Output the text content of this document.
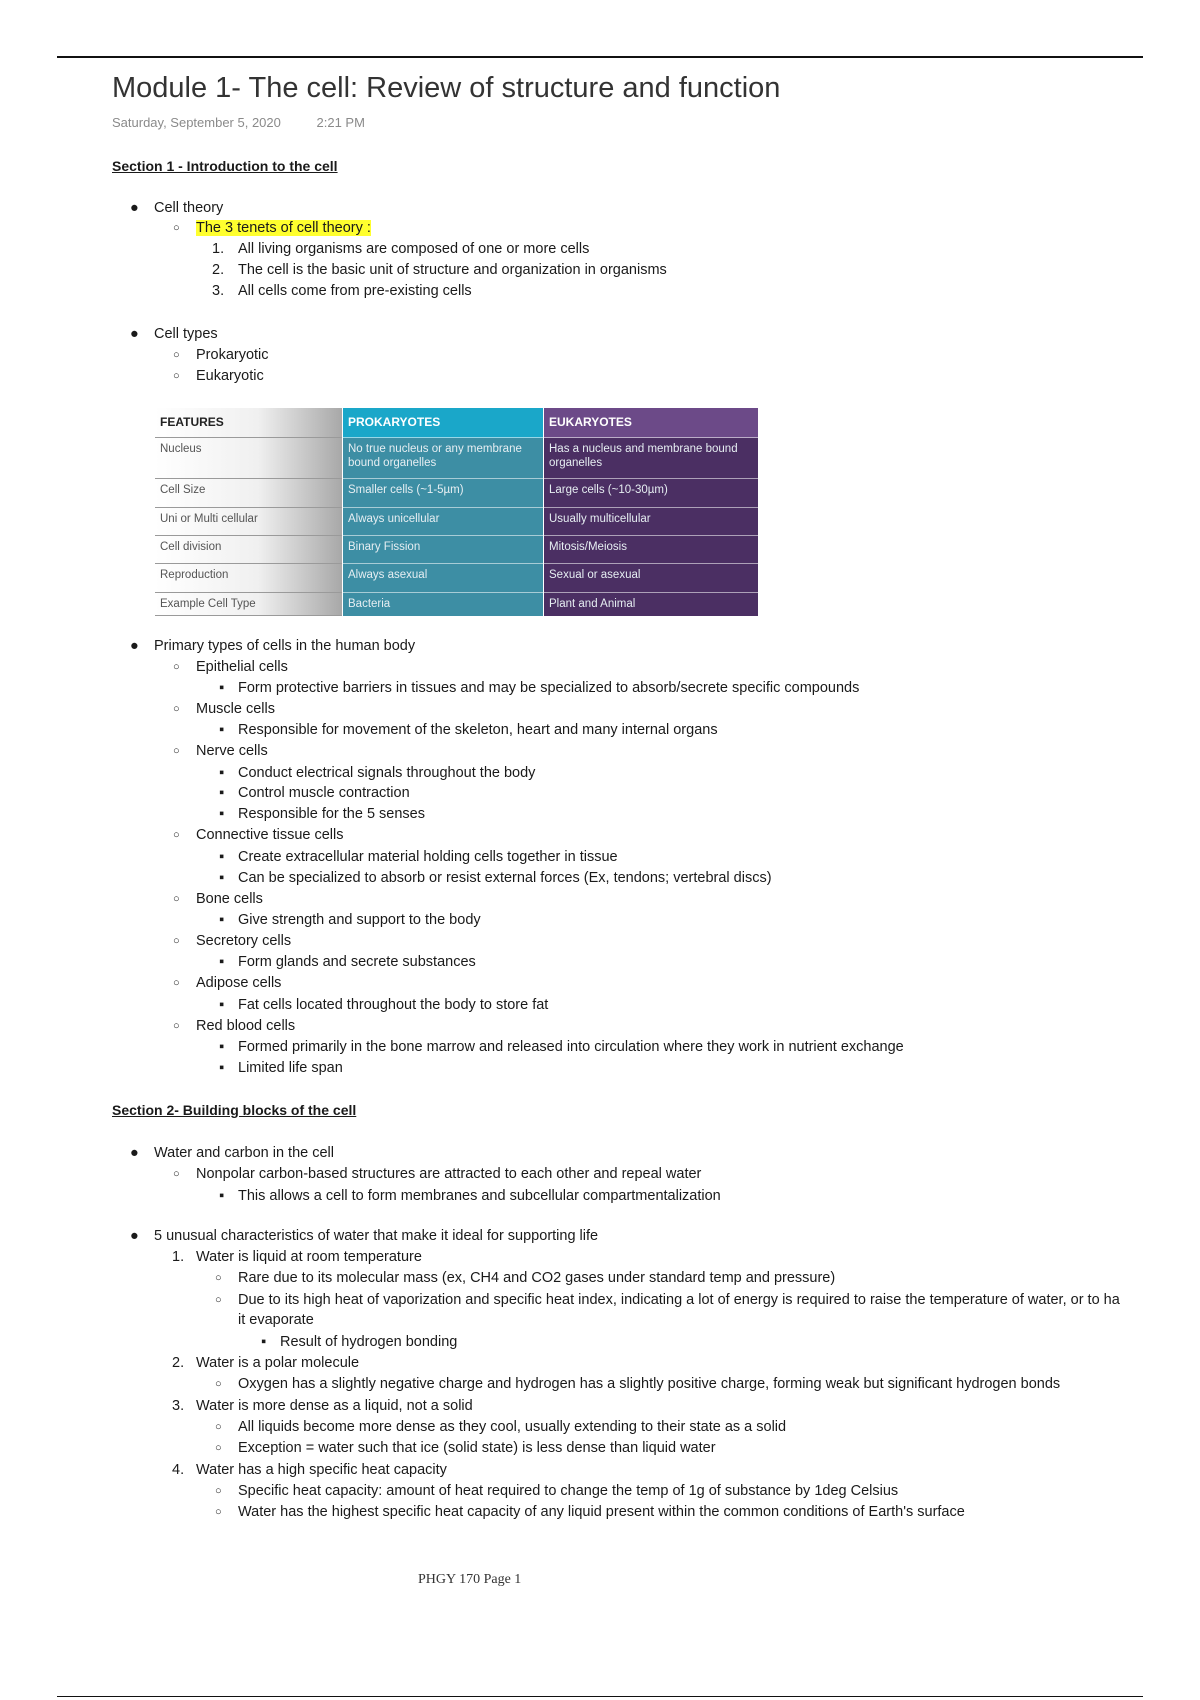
Module 1- The cell: Review of structure and function
Saturday, September 5, 2020	2:21 PM
Section 1 - Introduction to the cell
● Cell theory
○ The 3 tenets of cell theory :
1. All living organisms are composed of one or more cells
2. The cell is the basic unit of structure and organization in organisms
3. All cells come from pre-existing cells
● Cell types
○ Prokaryotic
○ Eukaryotic
FEATURES
Nucleus
Cell Size
Uni or Multi cellular
Cell division
Reproduction
Example Cell Type
PROKARYOTES
No true nucleus or any membrane bound organelles
Smaller cells (~1-5µm)
Always unicellular
Binary Fission
Always asexual
Bacteria
EUKARYOTES
Has a nucleus and membrane bound organelles
Large cells (~10-30µm)
Usually multicellular
Mitosis/Meiosis
Sexual or asexual
Plant and Animal
● Primary types of cells in the human body
○ Epithelial cells
▪ Form protective barriers in tissues and may be specialized to absorb/secrete specific compounds
○ Muscle cells
▪ Responsible for movement of the skeleton, heart and many internal organs
○ Nerve cells
▪ Conduct electrical signals throughout the body
▪ Control muscle contraction
▪ Responsible for the 5 senses
○ Connective tissue cells
▪ Create extracellular material holding cells together in tissue
▪ Can be specialized to absorb or resist external forces (Ex, tendons; vertebral discs)
○ Bone cells
▪ Give strength and support to the body
○ Secretory cells
▪ Form glands and secrete substances
○ Adipose cells
▪ Fat cells located throughout the body to store fat
○ Red blood cells
▪ Formed primarily in the bone marrow and released into circulation where they work in nutrient exchange
▪ Limited life span
Section 2- Building blocks of the cell
● Water and carbon in the cell
○ Nonpolar carbon-based structures are attracted to each other and repeal water
▪ This allows a cell to form membranes and subcellular compartmentalization
● 5 unusual characteristics of water that make it ideal for supporting life
1. Water is liquid at room temperature
○ Rare due to its molecular mass (ex, CH4 and CO2 gases under standard temp and pressure)
○ Due to its high heat of vaporization and specific heat index, indicating a lot of energy is required to raise the temperature of water, or to ha
it evaporate
▪ Result of hydrogen bonding
2. Water is a polar molecule
○ Oxygen has a slightly negative charge and hydrogen has a slightly positive charge, forming weak but significant hydrogen bonds
3. Water is more dense as a liquid, not a solid
○ All liquids become more dense as they cool, usually extending to their state as a solid
○ Exception = water such that ice (solid state) is less dense than liquid water
4. Water has a high specific heat capacity
○ Specific heat capacity: amount of heat required to change the temp of 1g of substance by 1deg Celsius
○ Water has the highest specific heat capacity of any liquid present within the common conditions of Earth's surface
PHGY 170 Page 1
